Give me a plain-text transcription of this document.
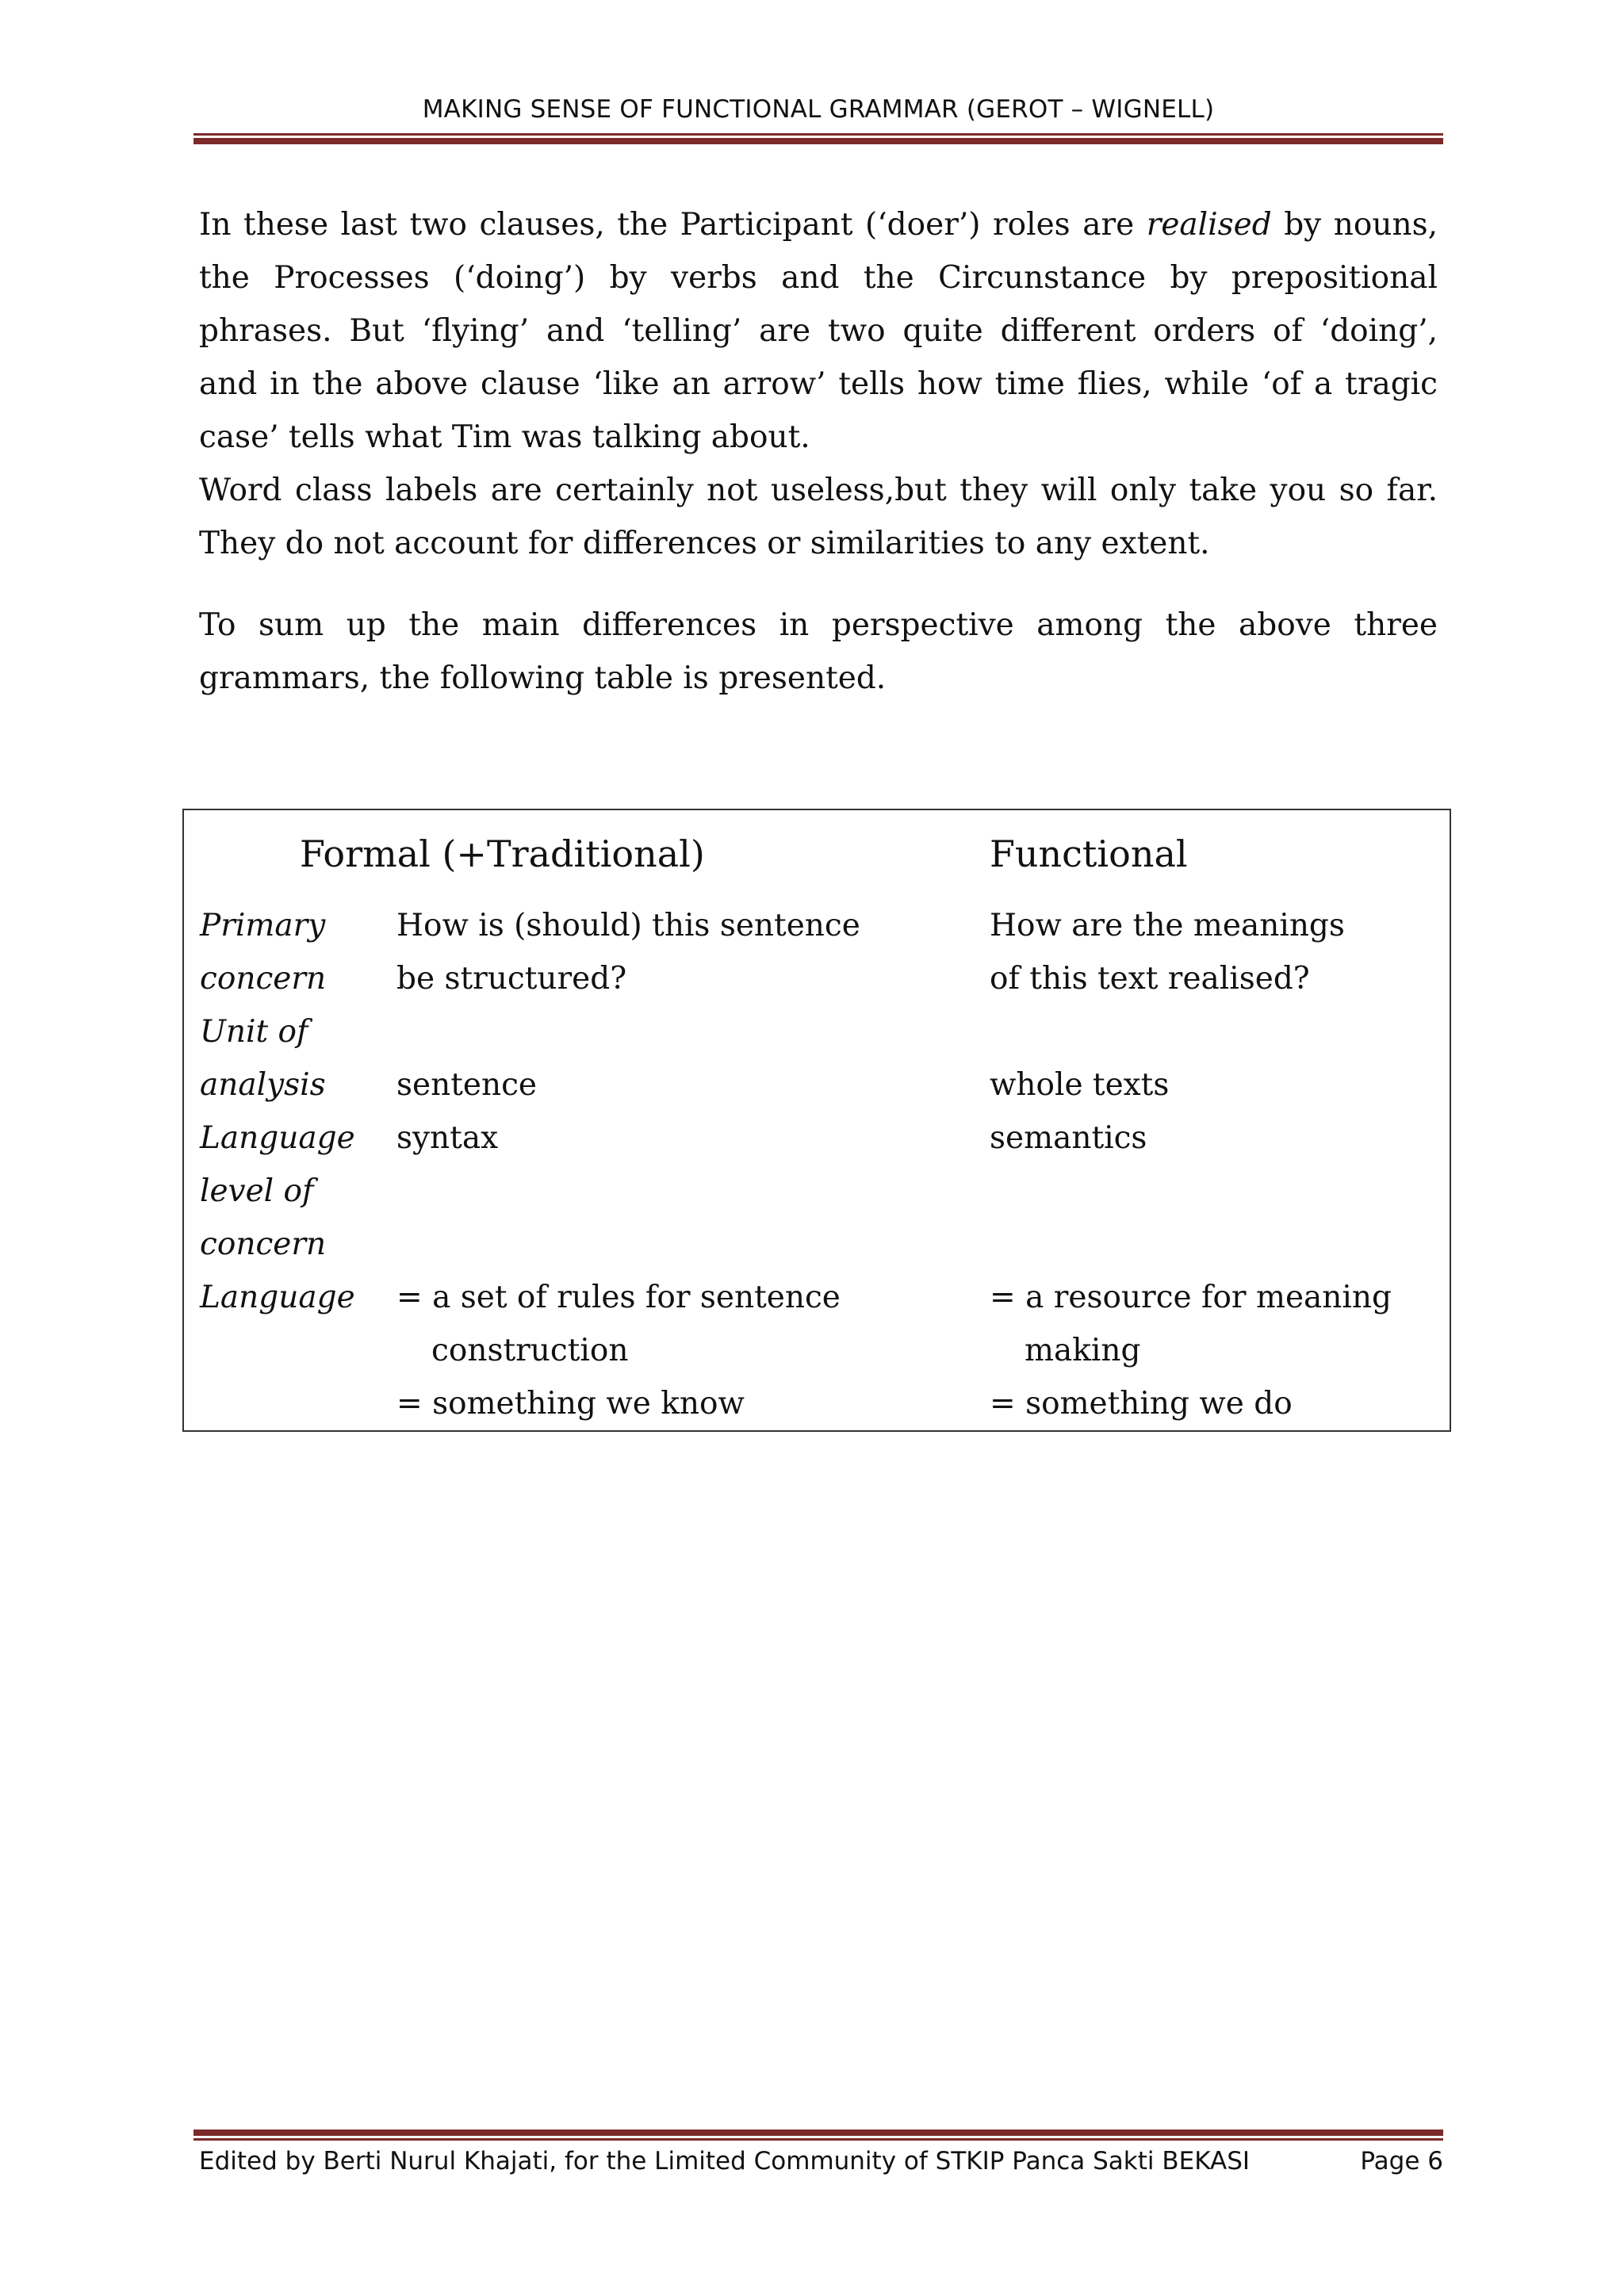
MAKING SENSE OF FUNCTIONAL GRAMMAR (GEROT – WIGNELL)

In these last two clauses, the Participant (‘doer’) roles are realised by nouns,
the Processes (‘doing’) by verbs and the Circunstance by prepositional
phrases. But ‘flying’ and ‘telling’ are two quite different orders of ‘doing’,
and in the above clause ‘like an arrow’ tells how time flies, while ‘of a tragic
case’ tells what Tim was talking about.
Word class labels are certainly not useless,but they will only take you so far.
They do not account for differences or similarities to any extent.

To sum up the main differences in perspective among the above three
grammars, the following table is presented.

Formal (+Traditional)	Functional
Primary
concern
Unit of
analysis
Language
level of
concern
Language
How is (should) this sentence
be structured?

sentence
syntax

= a set of rules for sentence
construction
= something we know
How are the meanings
of this text realised?

whole texts
semantics

= a resource for meaning
making
= something we do
Edited by Berti Nurul Khajati, for the Limited Community of STKIP Panca Sakti BEKASI	Page 6
